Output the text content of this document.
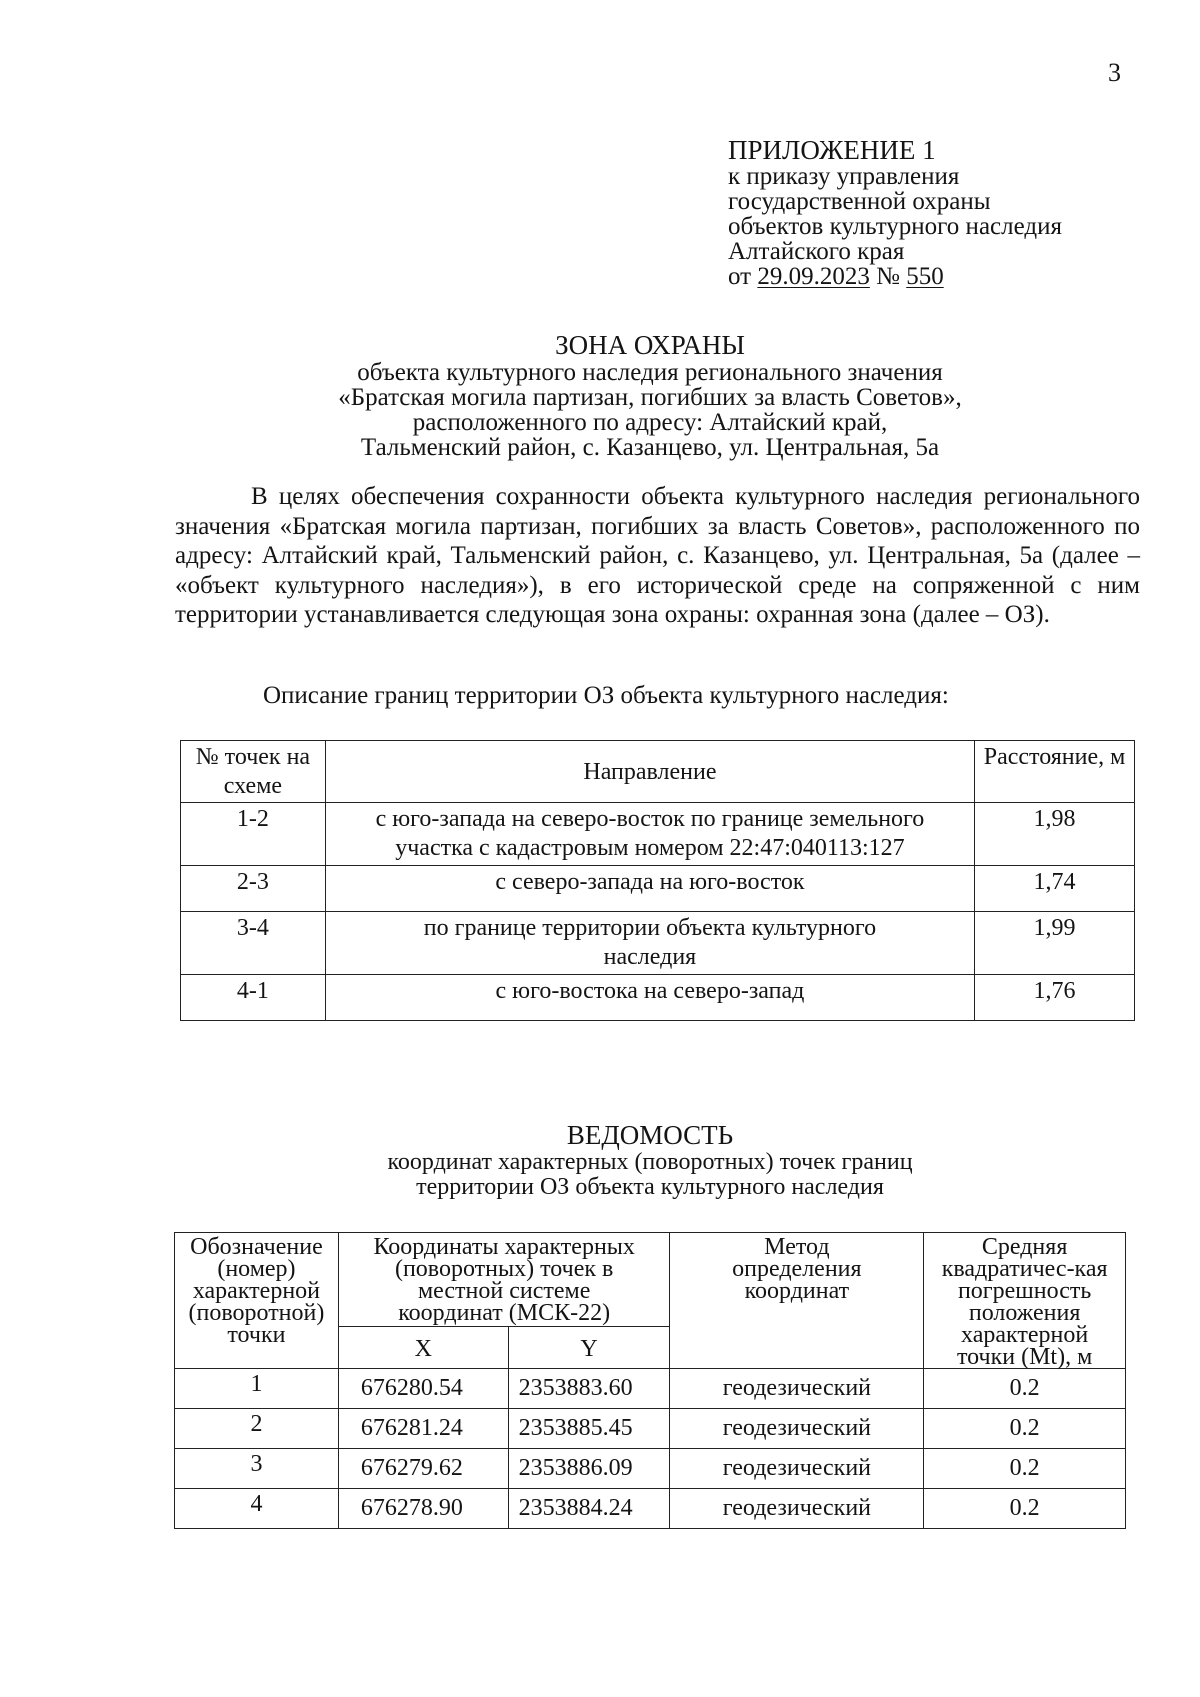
3
ПРИЛОЖЕНИЕ 1
к приказу управления
государственной охраны
объектов культурного наследия
Алтайского края
от 29.09.2023 № 550
ЗОНА ОХРАНЫ
объекта культурного наследия регионального значения
«Братская могила партизан, погибших за власть Советов»,
расположенного по адресу: Алтайский край,
Тальменский район, с. Казанцево, ул. Центральная, 5а
В целях обеспечения сохранности объекта культурного наследия регионального значения «Братская могила партизан, погибших за власть Советов», расположенного по адресу: Алтайский край, Тальменский район, с. Казанцево, ул. Центральная, 5а (далее – «объект культурного наследия»), в его исторической среде на сопряженной с ним территории устанавливается следующая зона охраны: охранная зона (далее – ОЗ).
Описание границ территории ОЗ объекта культурного наследия:
№ точек на схеме	Направление	Расстояние, м
1-2	с юго-запада на северо-восток по границе земельного участка с кадастровым номером 22:47:040113:127	1,98
2-3	с северо-запада на юго-восток	1,74
3-4	по границе территории объекта культурного наследия	1,99
4-1	с юго-востока на северо-запад	1,76
ВЕДОМОСТЬ
координат характерных (поворотных) точек границ
территории ОЗ объекта культурного наследия
Обозначение (номер) характерной (поворотной) точки	Координаты характерных (поворотных) точек в местной системе координат (МСК-22)		Метод определения координат	Средняя квадратичес-кая погрешность положения характерной точки (Mt), м
	X	Y		
1	676280.54	2353883.60	геодезический	0.2
2	676281.24	2353885.45	геодезический	0.2
3	676279.62	2353886.09	геодезический	0.2
4	676278.90	2353884.24	геодезический	0.2
